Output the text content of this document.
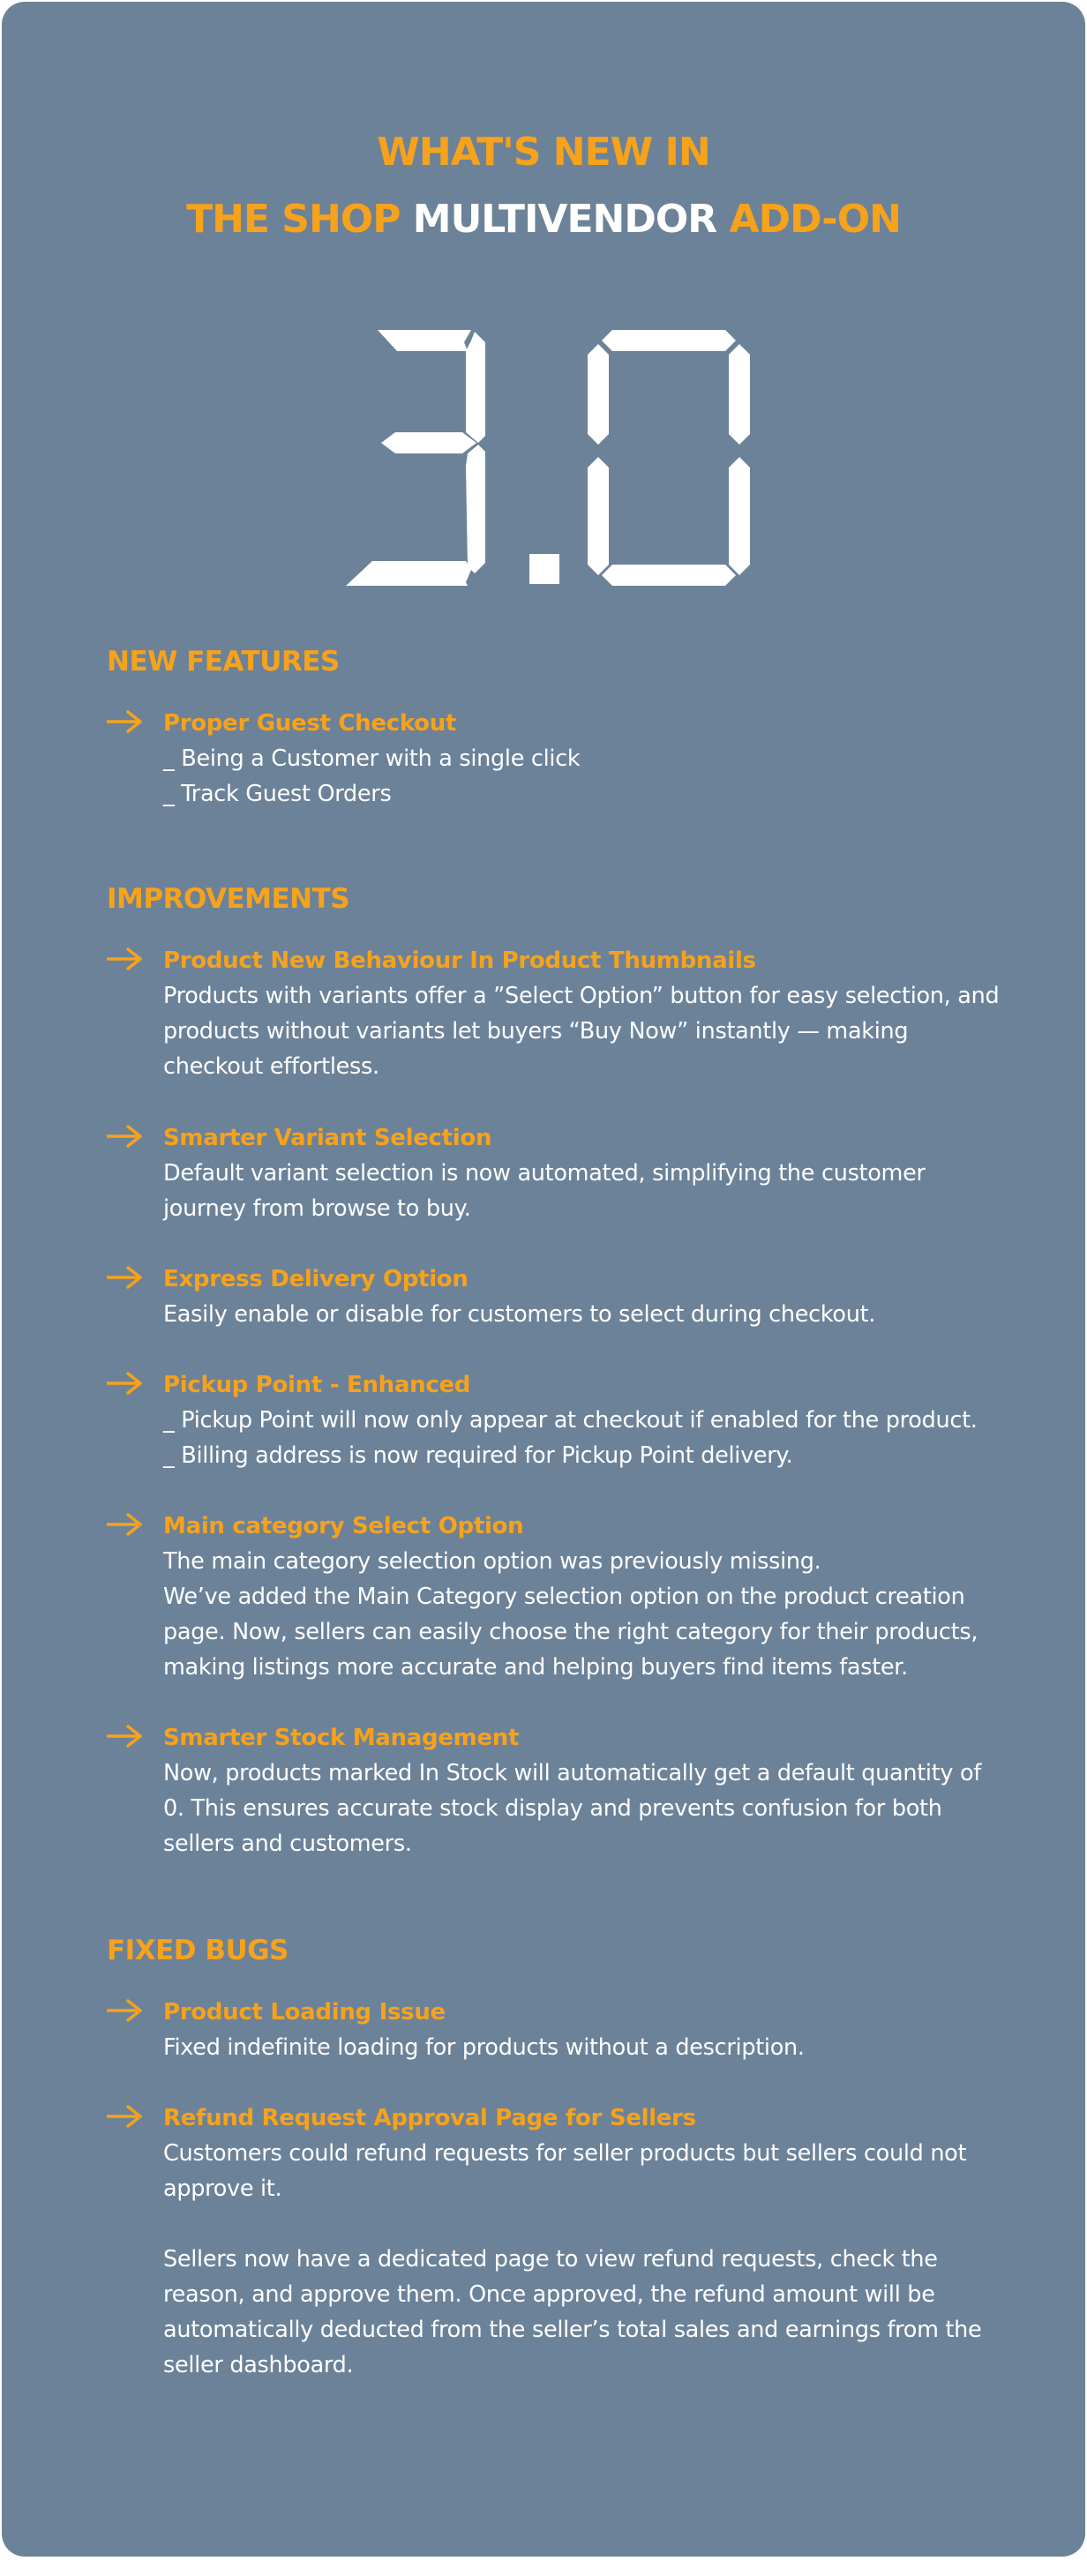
WHAT'S NEW IN
THE SHOP MULTIVENDOR ADD-ON
NEW FEATURES
Proper Guest Checkout
_ Being a Customer with a single click
_ Track Guest Orders
IMPROVEMENTS
Product New Behaviour In Product Thumbnails
Products with variants offer a ”Select Option” button for easy selection, and
products without variants let buyers “Buy Now” instantly — making
checkout effortless.
Smarter Variant Selection
Default variant selection is now automated, simplifying the customer
journey from browse to buy.
Express Delivery Option
Easily enable or disable for customers to select during checkout.
Pickup Point - Enhanced
_ Pickup Point will now only appear at checkout if enabled for the product.
_ Billing address is now required for Pickup Point delivery.
Main category Select Option
The main category selection option was previously missing.
We’ve added the Main Category selection option on the product creation
page. Now, sellers can easily choose the right category for their products,
making listings more accurate and helping buyers find items faster.
Smarter Stock Management
Now, products marked In Stock will automatically get a default quantity of
0. This ensures accurate stock display and prevents confusion for both
sellers and customers.
FIXED BUGS
Product Loading Issue
Fixed indefinite loading for products without a description.
Refund Request Approval Page for Sellers
Customers could refund requests for seller products but sellers could not
approve it.
Sellers now have a dedicated page to view refund requests, check the
reason, and approve them. Once approved, the refund amount will be
automatically deducted from the seller’s total sales and earnings from the
seller dashboard.
